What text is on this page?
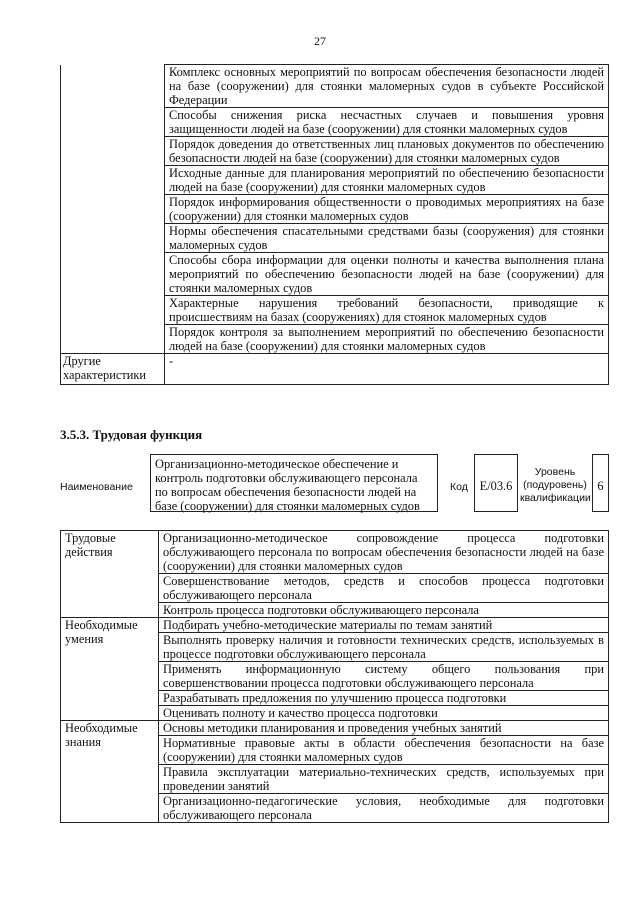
27
	Комплекс основных мероприятий по вопросам обеспечения безопасности людей на базе (сооружении) для стоянки маломерных судов в субъекте Российской Федерации
	Способы снижения риска несчастных случаев и повышения уровня защищенности людей на базе (сооружении) для стоянки маломерных судов
	Порядок доведения до ответственных лиц плановых документов по обеспечению безопасности людей на базе (сооружении) для стоянки маломерных судов
	Исходные данные для планирования мероприятий по обеспечению безопасности людей на базе (сооружении) для стоянки маломерных судов
	Порядок информирования общественности о проводимых мероприятиях на базе (сооружении) для стоянки маломерных судов
	Нормы обеспечения спасательными средствами базы (сооружения) для стоянки маломерных судов
	Способы сбора информации для оценки полноты и качества выполнения плана мероприятий по обеспечению безопасности людей на базе (сооружении) для стоянки маломерных судов
	Характерные нарушения требований безопасности, приводящие к происшествиям на базах (сооружениях) для стоянок маломерных судов
	Порядок контроля за выполнением мероприятий по обеспечению безопасности людей на базе (сооружении) для стоянки маломерных судов
Другие характеристики	-
3.5.3. Трудовая функция
Наименование
Организационно-методическое обеспечение и контроль подготовки обслуживающего персонала по вопросам обеспечения безопасности людей на базе (сооружении) для стоянки маломерных судов
Код E/03.6
Уровень (подуровень) квалификации
6
Трудовые действия	Организационно-методическое сопровождение процесса подготовки обслуживающего персонала по вопросам обеспечения безопасности людей на базе (сооружении) для стоянки маломерных судов
	Совершенствование методов, средств и способов процесса подготовки обслуживающего персонала
	Контроль процесса подготовки обслуживающего персонала
Необходимые умения	Подбирать учебно-методические материалы по темам занятий
	Выполнять проверку наличия и готовности технических средств, используемых в процессе подготовки обслуживающего персонала
	Применять информационную систему общего пользования при совершенствовании процесса подготовки обслуживающего персонала
	Разрабатывать предложения по улучшению процесса подготовки
	Оценивать полноту и качество процесса подготовки
Необходимые знания	Основы методики планирования и проведения учебных занятий
	Нормативные правовые акты в области обеспечения безопасности на базе (сооружении) для стоянки маломерных судов
	Правила эксплуатации материально-технических средств, используемых при проведении занятий
	Организационно-педагогические условия, необходимые для подготовки обслуживающего персонала
